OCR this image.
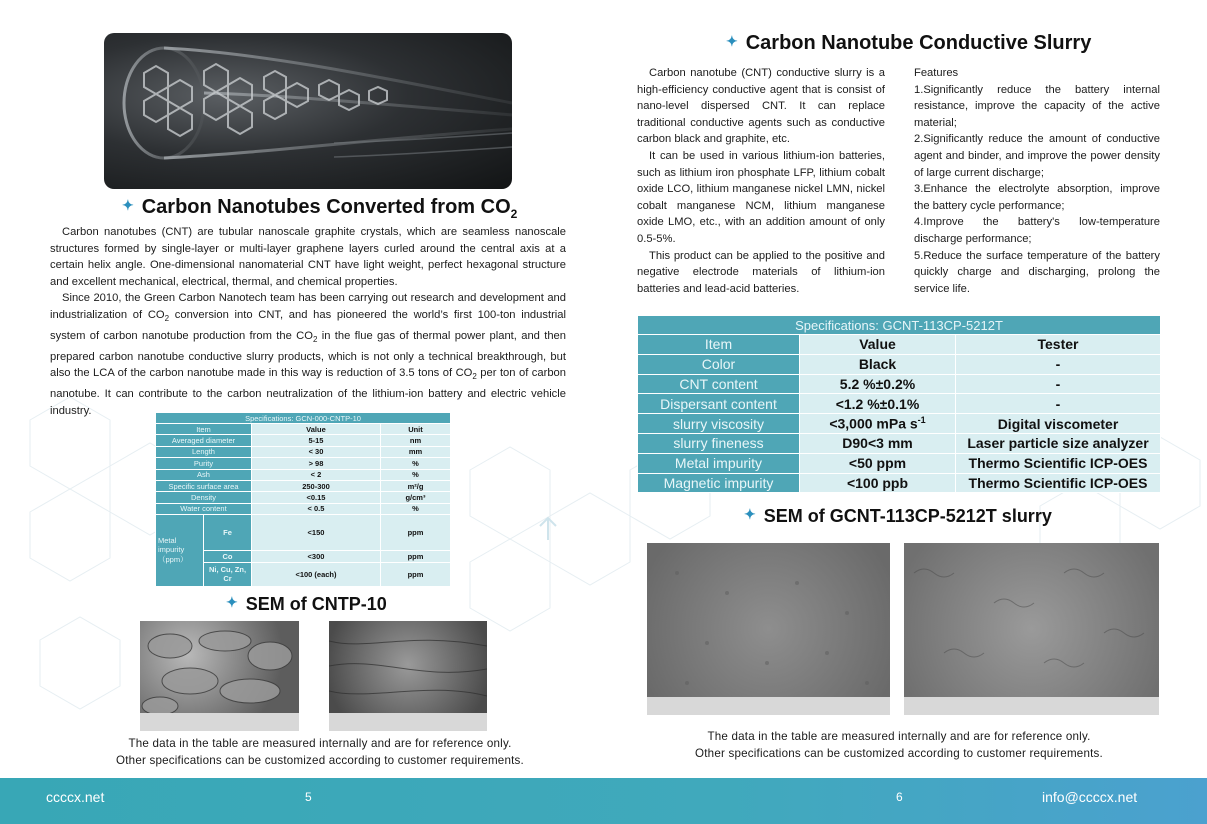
✦ Carbon Nanotubes Converted from $CO_2$

Carbon nanotubes (CNT) are tubular nanoscale graphite crystals, which are seamless nanoscale structures formed by single-layer or multi-layer graphene layers curled around the central axis at a certain helix angle. One-dimensional nanomaterial CNT have light weight, perfect hexagonal structure and excellent mechanical, electrical, thermal, and chemical properties.

Since 2010, the Green Carbon Nanotech team has been carrying out research and development and industrialization of $CO_2$ conversion into CNT, and has pioneered the world’s first 100-ton industrial system of carbon nanotube production from the $CO_2$ in the flue gas of thermal power plant, and then prepared carbon nanotube conductive slurry products, which is not only a technical breakthrough, but also the LCA of the carbon nanotube made in this way is reduction of 3.5 tons of $CO_2$ per ton of carbon nanotube. It can contribute to the carbon neutralization of the lithium-ion battery and electric vehicle industry.

Specifications: GCN-000-CNTP-10			
Item		Value	Unit
Averaged diameter		5-15	nm
Length		< 30	mm
Purity		> 98	%
Ash		< 2	%
Specific surface area		250-300	m²/g
Density		<0.15	g/cm³
Water content		< 0.5	%
Metal impurity （ppm）	Fe	<150	ppm
	Co	<300	ppm
	Ni, Cu, Zn, Cr	<100 (each)	ppm
✦ SEM of CNTP-10
The data in the table are measured internally and are for reference only.
Other specifications can be customized according to customer requirements.
✦ Carbon Nanotube Conductive Slurry

Carbon nanotube (CNT) conductive slurry is a high-efficiency conductive agent that is consist of nano-level dispersed CNT. It can replace traditional conductive agents such as conductive carbon black and graphite, etc.

It can be used in various lithium-ion batteries, such as lithium iron phosphate LFP, lithium cobalt oxide LCO, lithium manganese nickel LMN, nickel cobalt manganese NCM, lithium manganese oxide LMO, etc., with an addition amount of only 0.5-5%.

This product can be applied to the positive and negative electrode materials of lithium-ion batteries and lead-acid batteries.

Features
1.Significantly reduce the battery internal resistance, improve the capacity of the active material;
2.Significantly reduce the amount of conductive agent and binder, and improve the power density of large current discharge;
3.Enhance the electrolyte absorption, improve the battery cycle performance;
4.Improve the battery's low-temperature discharge performance;
5.Reduce the surface temperature of the battery quickly charge and discharging, prolong the service life.
Specifications: GCNT-113CP-5212T		
Item	Value	Tester
Color	Black	-
CNT content	5.2 %±0.2%	-
Dispersant content	<1.2 %±0.1%	-
slurry viscosity	<3,000 mPa $s^{-1}$	Digital viscometer
slurry fineness	D90<3 mm	Laser particle size analyzer
Metal impurity	<50 ppm	Thermo Scientific ICP-OES
Magnetic impurity	<100 ppb	Thermo Scientific ICP-OES
✦ SEM of GCNT-113CP-5212T slurry
The data in the table are measured internally and are for reference only.
Other specifications can be customized according to customer requirements.
ccccx.net	5	6	info@ccccx.net
